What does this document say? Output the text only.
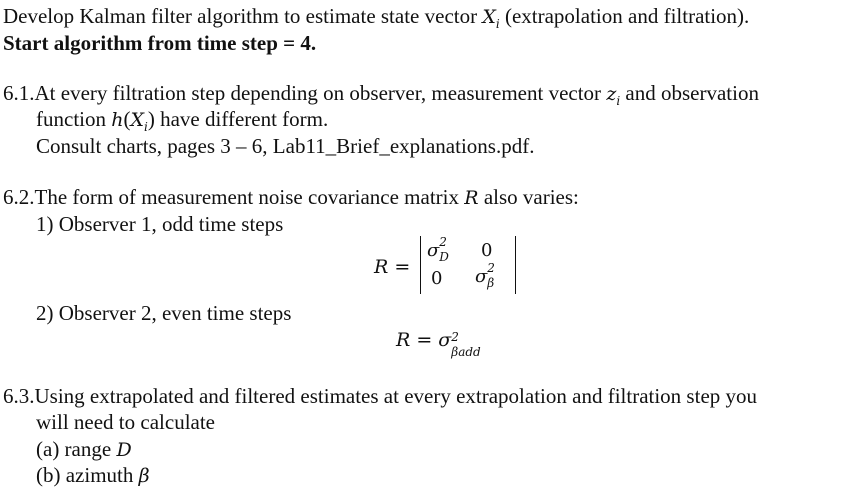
Develop Kalman filter algorithm to estimate state vector $X_i$ (extrapolation and filtration).
Start algorithm from time step = 4.
6.1.At every filtration step depending on observer, measurement vector $z_i$ and observation
function $h(X_i)$ have different form.
Consult charts, pages 3 – 6, Lab11_Brief_explanations.pdf.
6.2.The form of measurement noise covariance matrix R also varies:
1) Observer 1, odd time steps
R =
σ 2
D 0
0 σ 2
β
2) Observer 2, even time steps
R = σ 2
βadd
6.3.Using extrapolated and filtered estimates at every extrapolation and filtration step you
will need to calculate
(a) range D
(b) azimuth β
